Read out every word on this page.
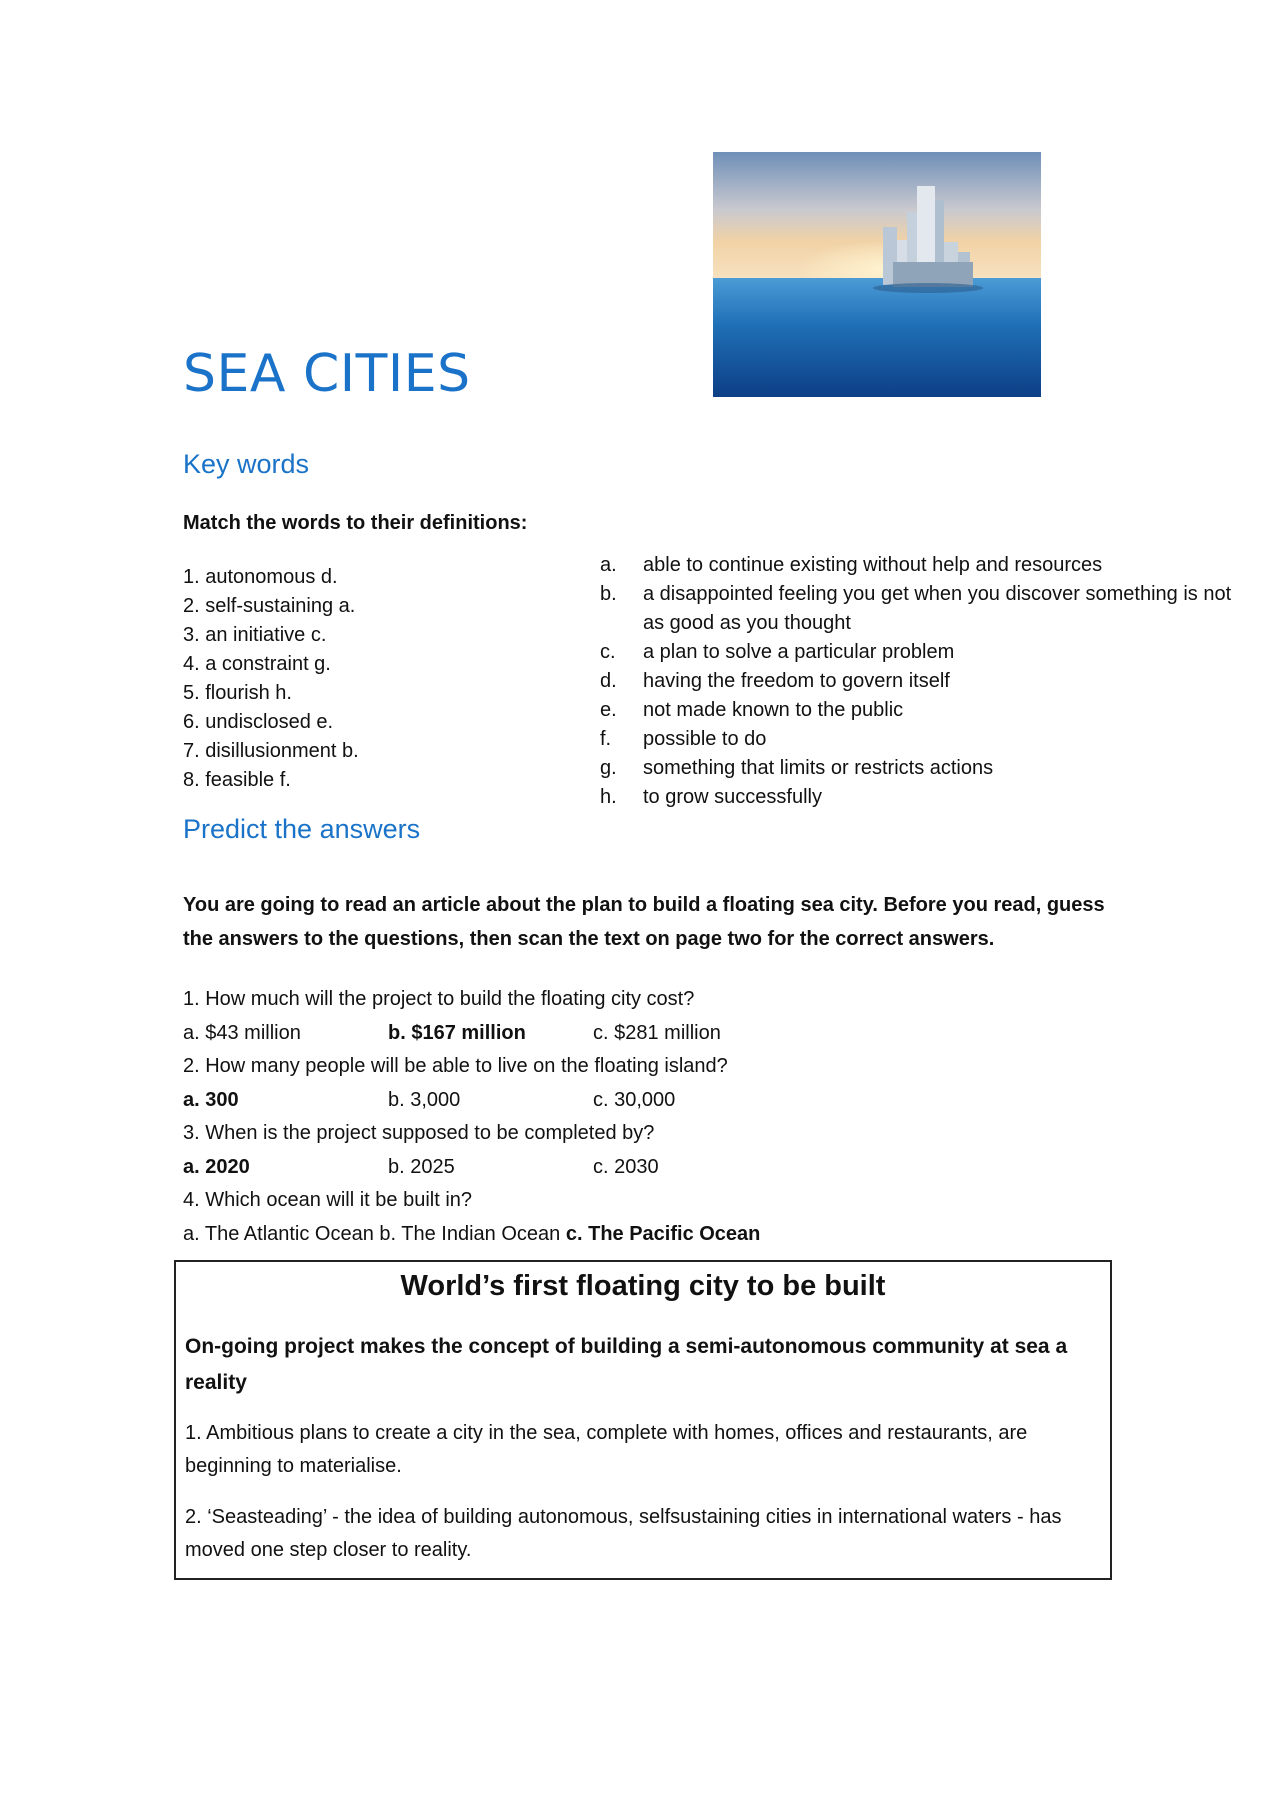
SEA CITIES
Key words

Match the words to their definitions:

1. autonomous d.
2. self-sustaining a.
3. an initiative c.
4. a constraint g.
5. flourish h.
6. undisclosed e.
7. disillusionment b.
8. feasible f.
a. able to continue existing without help and resources
b. a disappointed feeling you get when you discover something is not as good as you thought
c. a plan to solve a particular problem
d. having the freedom to govern itself
e. not made known to the public
f. possible to do
g. something that limits or restricts actions
h. to grow successfully
Predict the answers

You are going to read an article about the plan to build a floating sea city. Before you read, guess the answers to the questions, then scan the text on page two for the correct answers.

1. How much will the project to build the floating city cost?
a. $43 million	b. $167 million	c. $281 million
2. How many people will be able to live on the floating island?
a. 300	b. 3,000	c. 30,000
3. When is the project supposed to be completed by?
a. 2020	b. 2025	c. 2030
4. Which ocean will it be built in?
a. The Atlantic Ocean b. The Indian Ocean c. The Pacific Ocean
World’s first floating city to be built
On-going project makes the concept of building a semi-autonomous community at sea a reality
1. Ambitious plans to create a city in the sea, complete with homes, offices and restaurants, are beginning to materialise.
2. ‘Seasteading’ - the idea of building autonomous, selfsustaining cities in international waters - has moved one step closer to reality.
